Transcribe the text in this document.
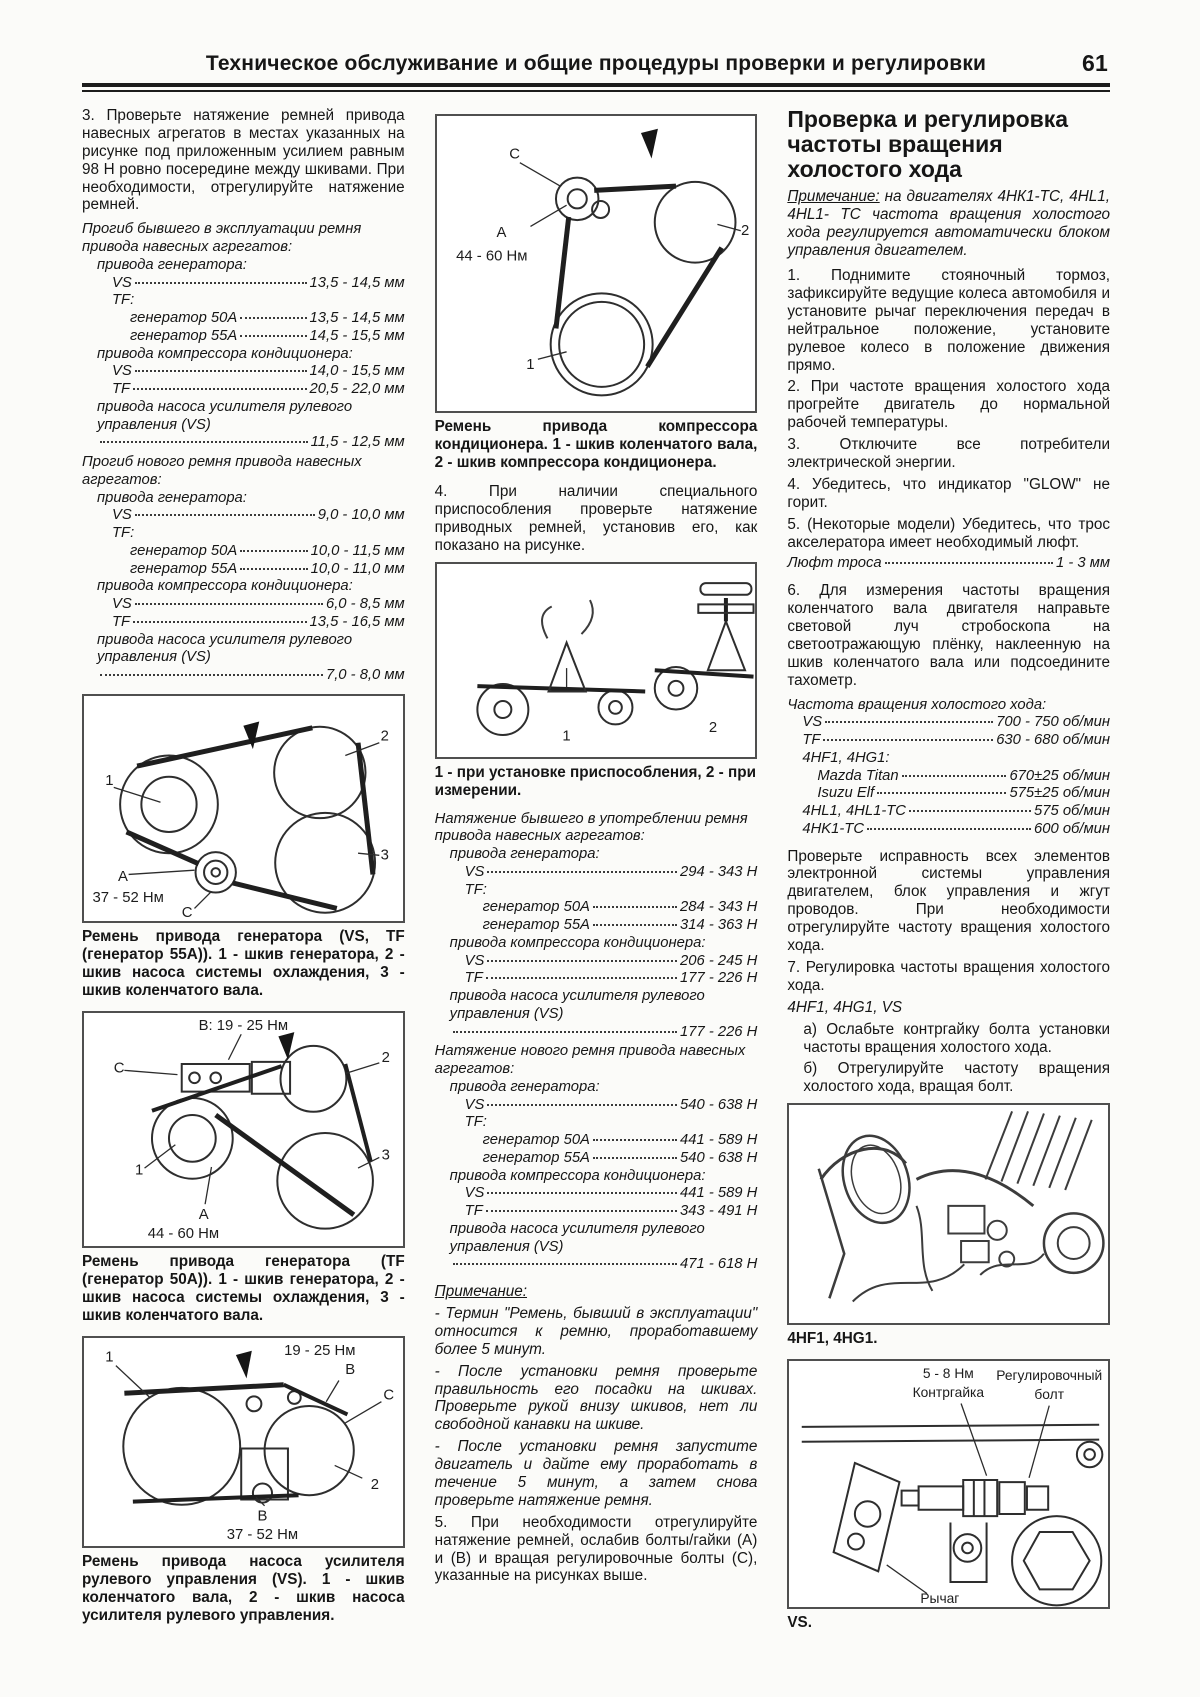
Техническое обслуживание и общие процедуры проверки и регулировки	61

3. Проверьте натяжение ремней привода навесных агрегатов в местах указанных на рисунке под приложенным усилием равным 98 Н ровно посередине между шкивами. При необходимости, отрегулируйте натяжение ремней.

Прогиб бывшего в эксплуатации ремня привода навесных агрегатов:
привода генератора:
VS	13,5 - 14,5 мм
TF:
генератор 50А	13,5 - 14,5 мм
генератор 55А	14,5 - 15,5 мм
привода компрессора кондиционера:
VS	14,0 - 15,5 мм
TF	20,5 - 22,0 мм
привода насоса усилителя рулевого управления (VS)
11,5 - 12,5 мм
Прогиб нового ремня привода навесных агрегатов:
привода генератора:
VS	9,0 - 10,0 мм
TF:
генератор 50А	10,0 - 11,5 мм
генератор 55А	10,0 - 11,0 мм
привода компрессора кондиционера:
VS	6,0 - 8,5 мм
TF	13,5 - 16,5 мм
привода насоса усилителя рулевого управления (VS)
7,0 - 8,0 мм
1
2
3
A
37 - 52 Нм
C

Ремень привода генератора (VS, TF (генератор 55А)). 1 - шкив генератора, 2 - шкив насоса системы охлаждения, 3 - шкив коленчатого вала.

В: 19 - 25 Нм
C
1
2
3
A
44 - 60 Нм

Ремень привода генератора (TF (генератор 50А)). 1 - шкив генератора, 2 - шкив насоса системы охлаждения, 3 - шкив коленчатого вала.

1	19 - 25 Нм
В
C
2
В
37 - 52 Нм

Ремень привода насоса усилителя рулевого управления (VS). 1 - шкив коленчатого вала, 2 - шкив насоса усилителя рулевого управления.

C
A
44 - 60 Нм
2
1

Ремень привода компрессора кондиционера. 1 - шкив коленчатого вала, 2 - шкив компрессора кондиционера.

4. При наличии специального приспособления проверьте натяжение приводных ремней, установив его, как показано на рисунке.

1
2

1 - при установке приспособления, 2 - при измерении.

Натяжение бывшего в употреблении ремня привода навесных агрегатов:
привода генератора:
VS	294 - 343 Н
TF:
генератор 50А	284 - 343 Н
генератор 55А	314 - 363 Н
привода компрессора кондиционера:
VS	206 - 245 Н
TF	177 - 226 Н
привода насоса усилителя рулевого управления (VS)
177 - 226 Н
Натяжение нового ремня привода навесных агрегатов:
привода генератора:
VS	540 - 638 Н
TF:
генератор 50А	441 - 589 Н
генератор 55А	540 - 638 Н
привода компрессора кондиционера:
VS	441 - 589 Н
TF	343 - 491 Н
привода насоса усилителя рулевого управления (VS)
471 - 618 Н

Примечание:

- Термин "Ремень, бывший в эксплуатации" относится к ремню, проработавшему более 5 минут.

- После установки ремня проверьте правильность его посадки на шкивах. Проверьте рукой внизу шкивов, нет ли свободной канавки на шкиве.

- После установки ремня запустите двигатель и дайте ему проработать в течение 5 минут, а затем снова проверьте натяжение ремня.

5. При необходимости отрегулируйте натяжение ремней, ослабив болты/гайки (А) и (В) и вращая регулировочные болты (С), указанные на рисунках выше.

Проверка и регулировка частоты вращения холостого хода

Примечание: на двигателях 4НК1-ТС, 4HL1, 4HL1- TC частота вращения холостого хода регулируется автоматически блоком управления двигателем.

1. Поднимите стояночный тормоз, зафиксируйте ведущие колеса автомобиля и установите рычаг переключения передач в нейтральное положение, установите рулевое колесо в положение движения прямо.

2. При частоте вращения холостого хода прогрейте двигатель до нормальной рабочей температуры.

3. Отключите все потребители электрической энергии.

4. Убедитесь, что индикатор "GLOW" не горит.

5. (Некоторые модели) Убедитесь, что трос акселератора имеет необходимый люфт.

Люфт троса	1 - 3 мм

6. Для измерения частоты вращения коленчатого вала двигателя направьте световой луч стробоскопа на светоотражающую плёнку, наклеенную на шкив коленчатого вала или подсоедините тахометр.

Частота вращения холостого хода:
VS	700 - 750 об/мин
TF	630 - 680 об/мин
4HF1, 4HG1:
Mazda Titan	670±25 об/мин
Isuzu Elf	575±25 об/мин
4HL1, 4HL1-TC	575 об/мин
4HK1-TC	600 об/мин

Проверьте исправность всех элементов электронной системы управления двигателем, блок управления и жгут проводов. При необходимости отрегулируйте частоту вращения холостого хода.

7. Регулировка частоты вращения холостого хода.

4HF1, 4HG1, VS

а) Ослабьте контргайку болта установки частоты вращения холостого хода.

б) Отрегулируйте частоту вращения холостого хода, вращая болт.

4HF1, 4HG1.

5 - 8 Нм
Контргайка
Регулировочный
болт
Рычаг

VS.
